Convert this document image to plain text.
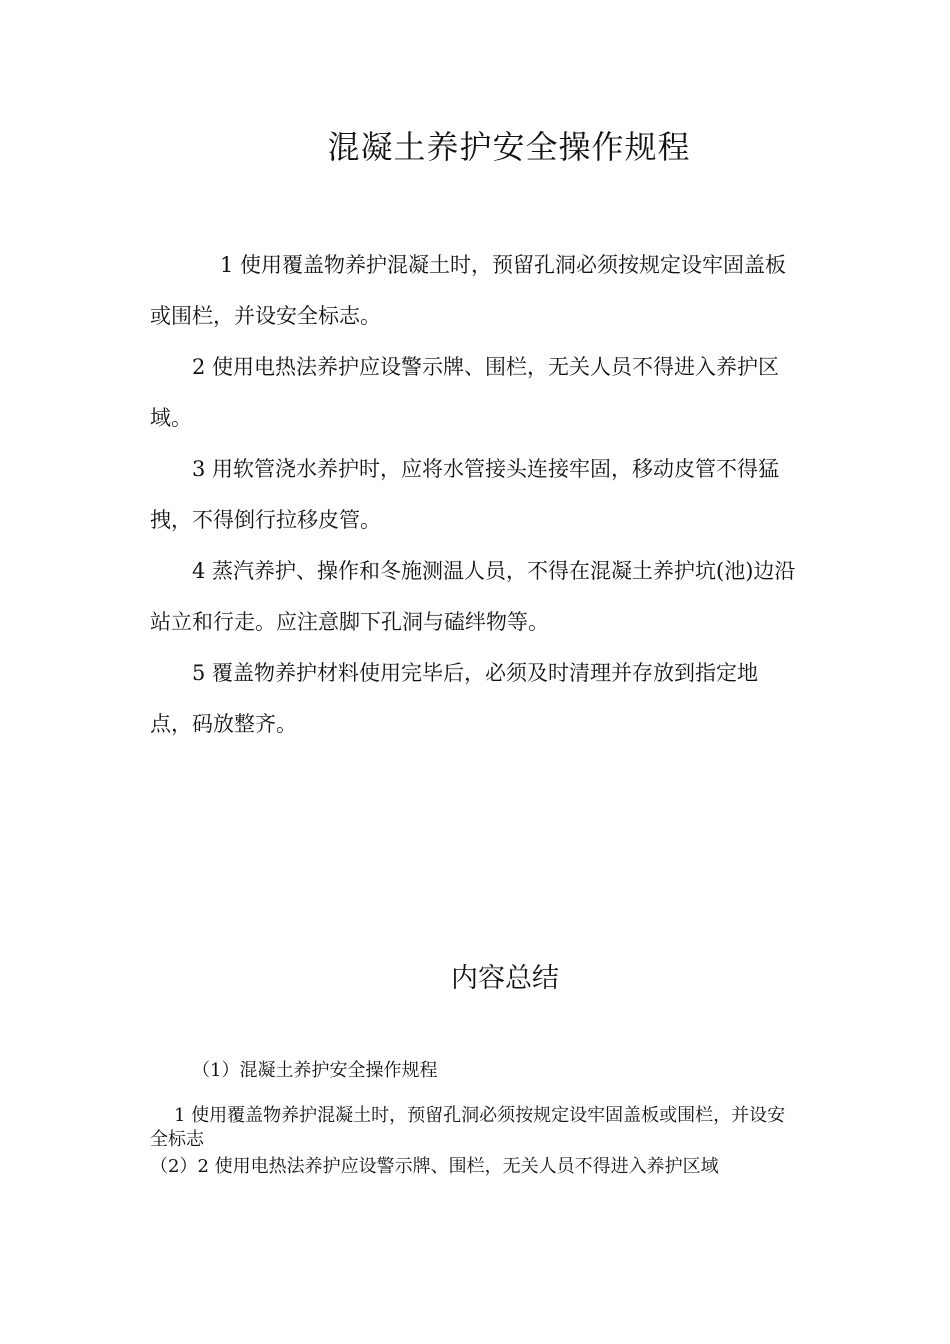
混凝土养护安全操作规程
1 使用覆盖物养护混凝土时，预留孔洞必须按规定设牢固盖板或围栏，并设安全标志。
2 使用电热法养护应设警示牌、围栏，无关人员不得进入养护区域。
3 用软管浇水养护时，应将水管接头连接牢固，移动皮管不得猛拽，不得倒行拉移皮管。
4 蒸汽养护、操作和冬施测温人员，不得在混凝土养护坑(池)边沿站立和行走。应注意脚下孔洞与磕绊物等。
5 覆盖物养护材料使用完毕后，必须及时清理并存放到指定地点，码放整齐。
内容总结
（1）混凝土养护安全操作规程
1 使用覆盖物养护混凝土时，预留孔洞必须按规定设牢固盖板或围栏，并设安全标志
（2）2 使用电热法养护应设警示牌、围栏，无关人员不得进入养护区域
